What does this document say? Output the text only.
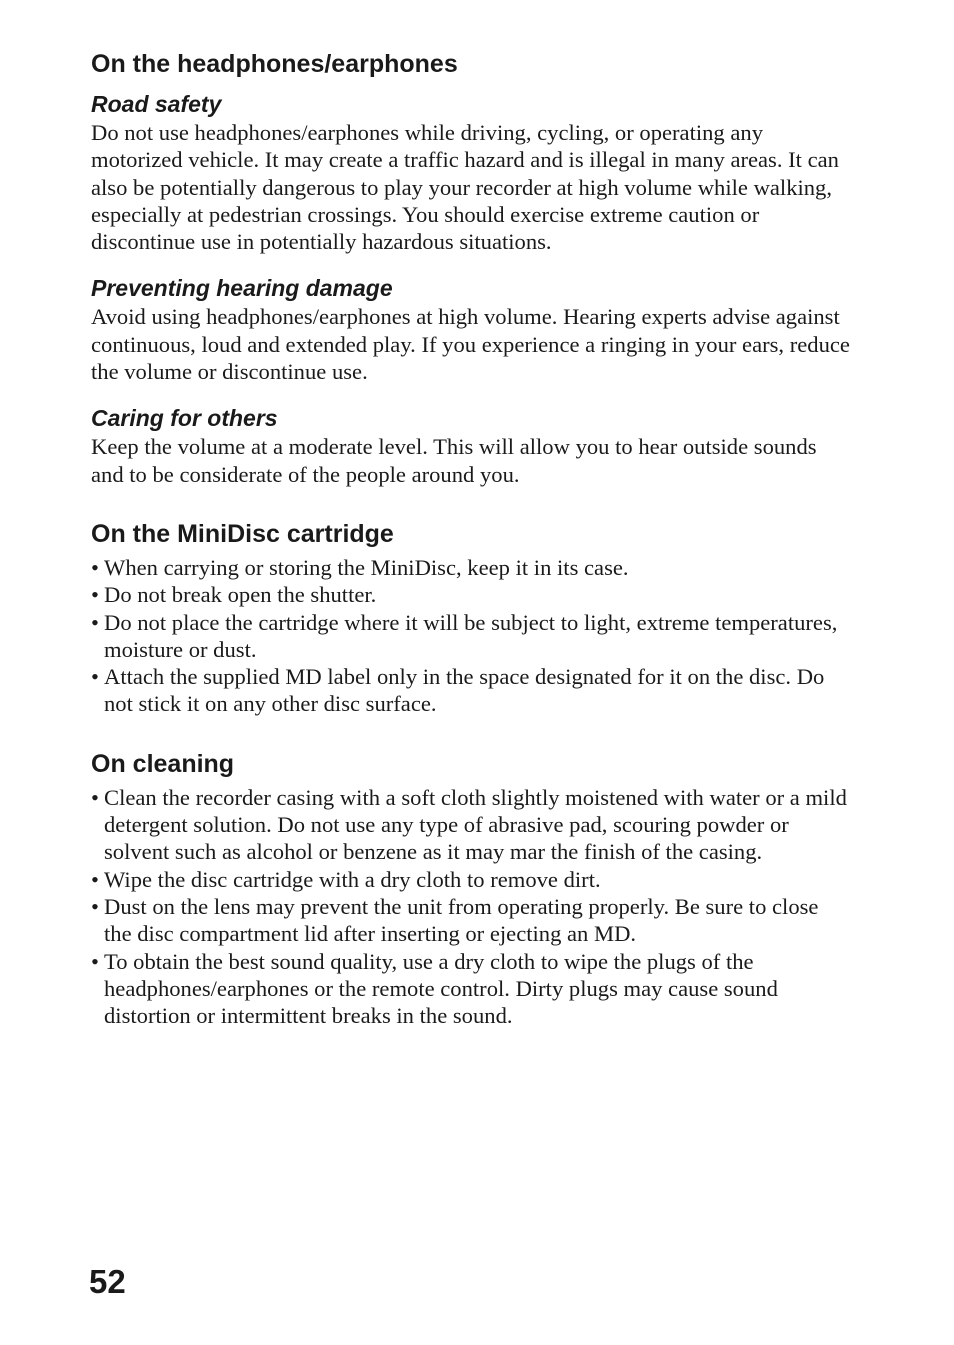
On the headphones/earphones
Road safety

Do not use headphones/earphones while driving, cycling, or operating any motorized vehicle. It may create a traffic hazard and is illegal in many areas. It can also be potentially dangerous to play your recorder at high volume while walking, especially at pedestrian crossings. You should exercise extreme caution or discontinue use in potentially hazardous situations.

Preventing hearing damage

Avoid using headphones/earphones at high volume. Hearing experts advise against continuous, loud and extended play. If you experience a ringing in your ears, reduce the volume or discontinue use.

Caring for others

Keep the volume at a moderate level. This will allow you to hear outside sounds and to be considerate of the people around you.

On the MiniDisc cartridge
• When carrying or storing the MiniDisc, keep it in its case.
• Do not break open the shutter.
• Do not place the cartridge where it will be subject to light, extreme temperatures, moisture or dust.
• Attach the supplied MD label only in the space designated for it on the disc. Do not stick it on any other disc surface.
On cleaning
• Clean the recorder casing with a soft cloth slightly moistened with water or a mild detergent solution. Do not use any type of abrasive pad, scouring powder or solvent such as alcohol or benzene as it may mar the finish of the casing.
• Wipe the disc cartridge with a dry cloth to remove dirt.
• Dust on the lens may prevent the unit from operating properly. Be sure to close the disc compartment lid after inserting or ejecting an MD.
• To obtain the best sound quality, use a dry cloth to wipe the plugs of the headphones/earphones or the remote control. Dirty plugs may cause sound distortion or intermittent breaks in the sound.
52
